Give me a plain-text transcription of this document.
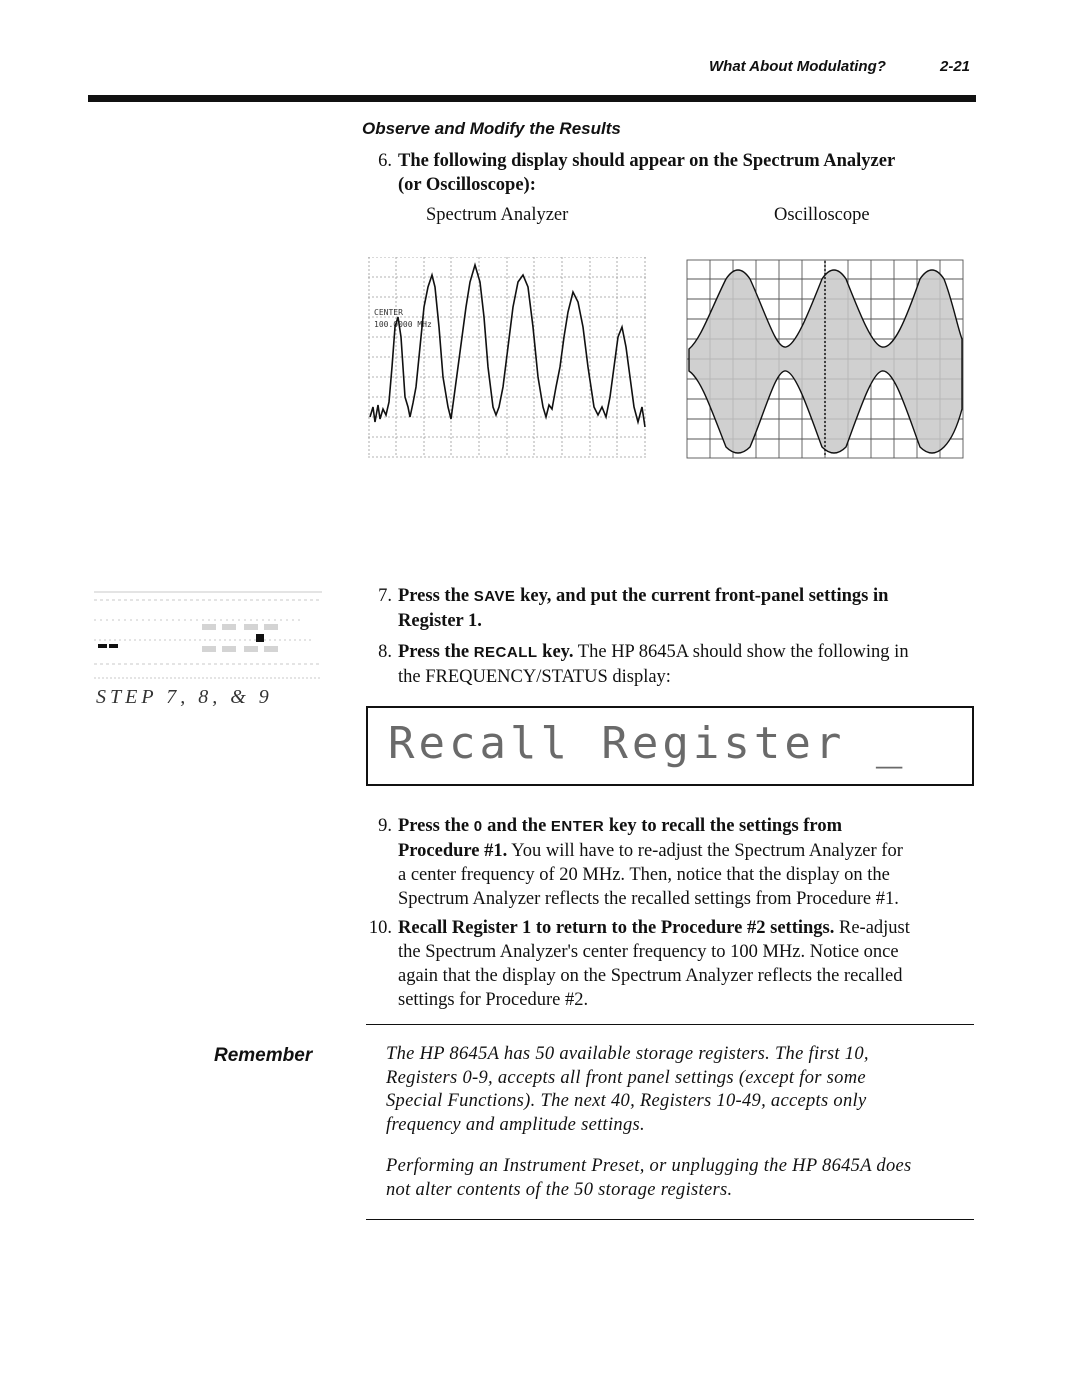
What About Modulating?	2-21
Observe and Modify the Results
6. The following display should appear on the Spectrum Analyzer
(or Oscilloscope):
Spectrum Analyzer	Oscilloscope
CENTER
100.0000 MHz
STEP 7, 8, & 9
7. Press the SAVE key, and put the current front-panel settings in
Register 1.
8. Press the RECALL key. The HP 8645A should show the following in
the FREQUENCY/STATUS display:
Recall Register _
9. Press the 0 and the ENTER key to recall the settings from
Procedure #1. You will have to re-adjust the Spectrum Analyzer for
a center frequency of 20 MHz. Then, notice that the display on the
Spectrum Analyzer reflects the recalled settings from Procedure #1.
10. Recall Register 1 to return to the Procedure #2 settings. Re-adjust
the Spectrum Analyzer's center frequency to 100 MHz. Notice once
again that the display on the Spectrum Analyzer reflects the recalled
settings for Procedure #2.
Remember	The HP 8645A has 50 available storage registers. The first 10,
Registers 0-9, accepts all front panel settings (except for some
Special Functions). The next 40, Registers 10-49, accepts only
frequency and amplitude settings.
Performing an Instrument Preset, or unplugging the HP 8645A does
not alter contents of the 50 storage registers.
